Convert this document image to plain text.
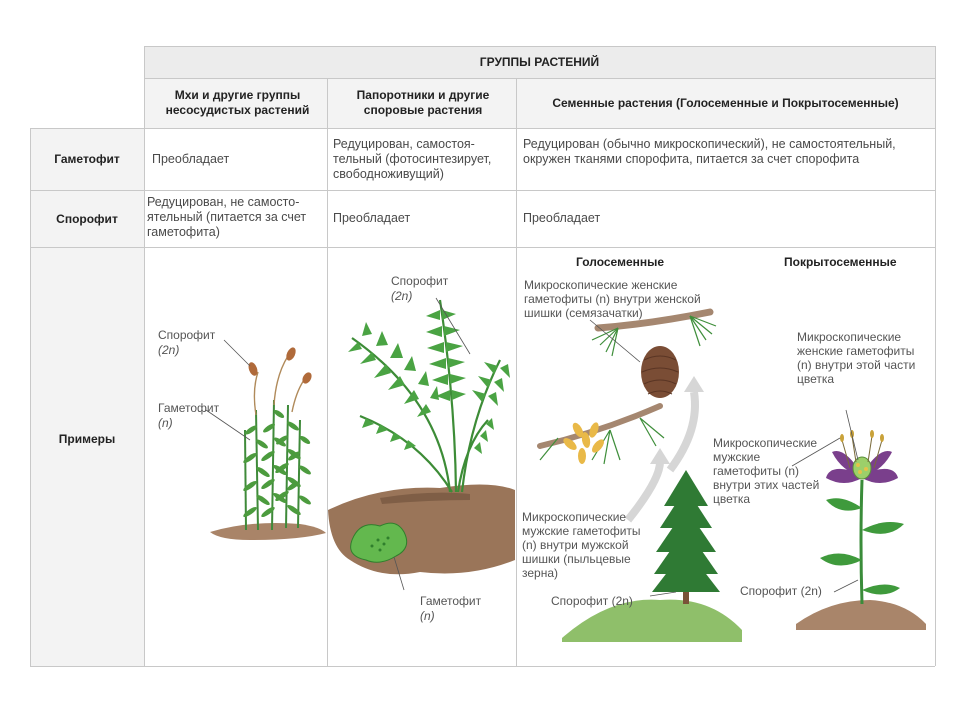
ГРУППЫ РАСТЕНИЙ
Мхи и другие группы несосудистых растений
Папоротники и другие споровые растения	Семенные растения (Голосеменные и Покрытосеменные)
Гаметофит
Спорофит
Примеры
Преобладает
Редуцирован, самостоя-тельный (фотосинтезирует, свободноживущий)
Редуцирован (обычно микроскопический), не самостоятельный, окружен тканями спорофита, питается за счет спорофита
Редуцирован, не самосто-ятельный (питается за счет гаметофита)
Преобладает	Преобладает
Спорофит
(2n)
Гаметофит
(n)
Спорофит
(2n)
Гаметофит
(n)
Голосеменные
Микроскопические женские гаметофиты (n) внутри женской шишки (семязачатки)
Микроскопические мужские гаметофиты (n) внутри мужской шишки (пыльцевые зерна)
Спорофит (2n)
Покрытосеменные
Микроскопические женские гаметофиты (n) внутри этой части цветка
Микроскопические мужские гаметофиты (n) внутри этих частей цветка
Спорофит (2n)
